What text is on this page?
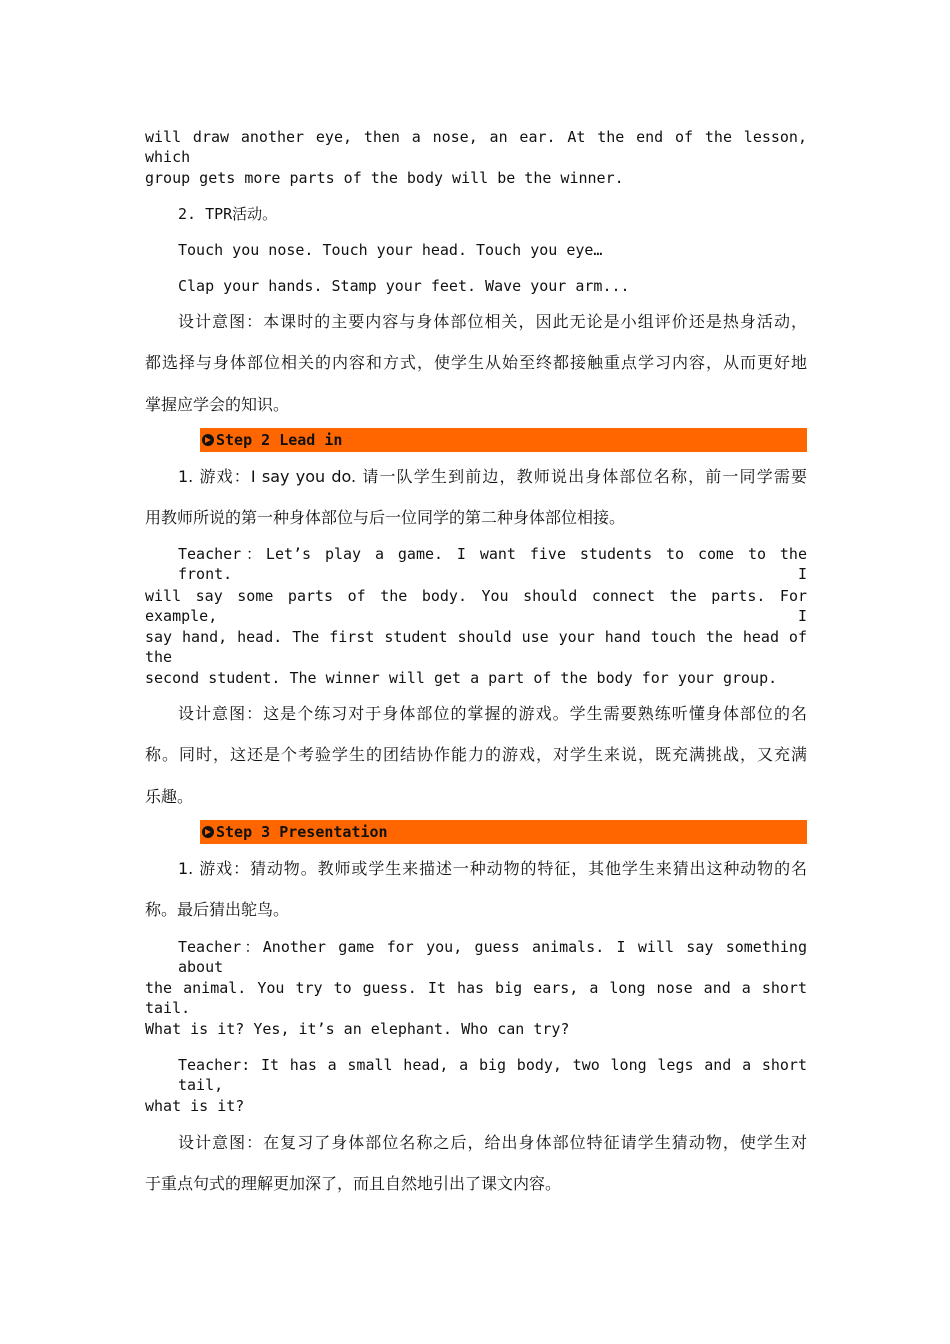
will draw another eye, then a nose, an ear. At the end of the lesson, which
group gets more parts of the body will be the winner.
2. TPR活动。
Touch you nose. Touch your head. Touch you eye…
Clap your hands. Stamp your feet. Wave your arm...
设计意图：本课时的主要内容与身体部位相关，因此无论是小组评价还是热身活动，
都选择与身体部位相关的内容和方式，使学生从始至终都接触重点学习内容，从而更好地
掌握应学会的知识。
Step 2 Lead in
1. 游戏：I say you do. 请一队学生到前边，教师说出身体部位名称，前一同学需要
用教师所说的第一种身体部位与后一位同学的第二种身体部位相接。
Teacher：Let’s play a game. I want five students to come to the front. I
will say some parts of the body. You should connect the parts. For example, I
say hand, head. The first student should use your hand touch the head of the
second student. The winner will get a part of the body for your group.
设计意图：这是个练习对于身体部位的掌握的游戏。学生需要熟练听懂身体部位的名
称。同时，这还是个考验学生的团结协作能力的游戏，对学生来说，既充满挑战，又充满
乐趣。
Step 3 Presentation
1. 游戏：猜动物。教师或学生来描述一种动物的特征，其他学生来猜出这种动物的名
称。最后猜出鸵鸟。
Teacher：Another game for you, guess animals. I will say something about
the animal. You try to guess. It has big ears, a long nose and a short tail.
What is it? Yes, it’s an elephant. Who can try?
Teacher: It has a small head, a big body, two long legs and a short tail,
what is it?
设计意图：在复习了身体部位名称之后，给出身体部位特征请学生猜动物，使学生对
于重点句式的理解更加深了，而且自然地引出了课文内容。
